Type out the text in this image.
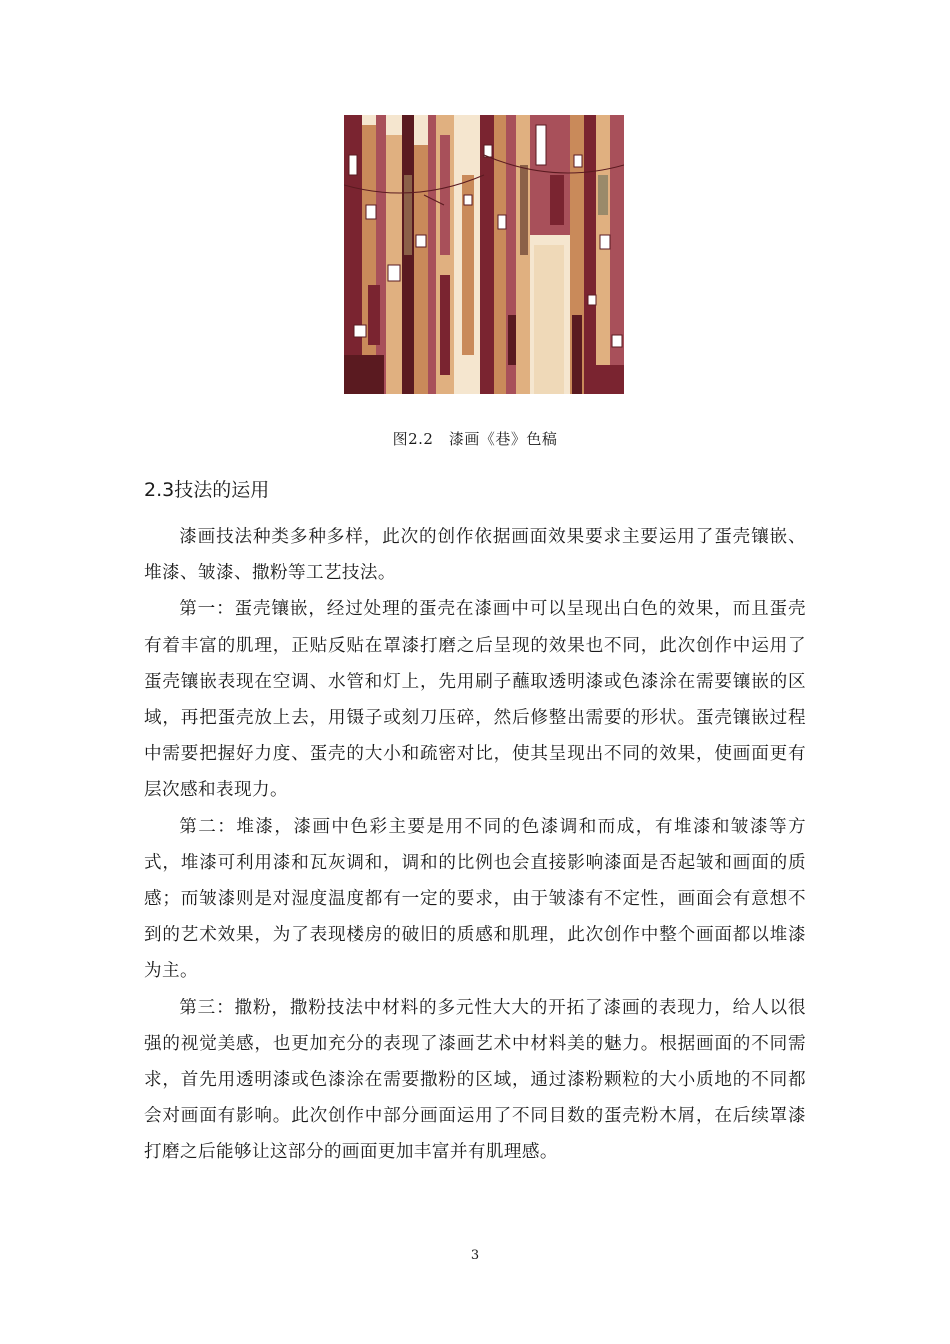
图2.2　漆画《巷》色稿
2.3技法的运用

漆画技法种类多种多样，此次的创作依据画面效果要求主要运用了蛋壳镶嵌、堆漆、皱漆、撒粉等工艺技法。

第一：蛋壳镶嵌，经过处理的蛋壳在漆画中可以呈现出白色的效果，而且蛋壳有着丰富的肌理，正贴反贴在罩漆打磨之后呈现的效果也不同，此次创作中运用了蛋壳镶嵌表现在空调、水管和灯上，先用刷子蘸取透明漆或色漆涂在需要镶嵌的区域，再把蛋壳放上去，用镊子或刻刀压碎，然后修整出需要的形状。蛋壳镶嵌过程中需要把握好力度、蛋壳的大小和疏密对比，使其呈现出不同的效果，使画面更有层次感和表现力。

第二：堆漆，漆画中色彩主要是用不同的色漆调和而成，有堆漆和皱漆等方式，堆漆可利用漆和瓦灰调和，调和的比例也会直接影响漆面是否起皱和画面的质感；而皱漆则是对湿度温度都有一定的要求，由于皱漆有不定性，画面会有意想不到的艺术效果，为了表现楼房的破旧的质感和肌理，此次创作中整个画面都以堆漆为主。

第三：撒粉，撒粉技法中材料的多元性大大的开拓了漆画的表现力，给人以很强的视觉美感，也更加充分的表现了漆画艺术中材料美的魅力。根据画面的不同需求，首先用透明漆或色漆涂在需要撒粉的区域，通过漆粉颗粒的大小质地的不同都会对画面有影响。此次创作中部分画面运用了不同目数的蛋壳粉木屑，在后续罩漆打磨之后能够让这部分的画面更加丰富并有肌理感。

3
